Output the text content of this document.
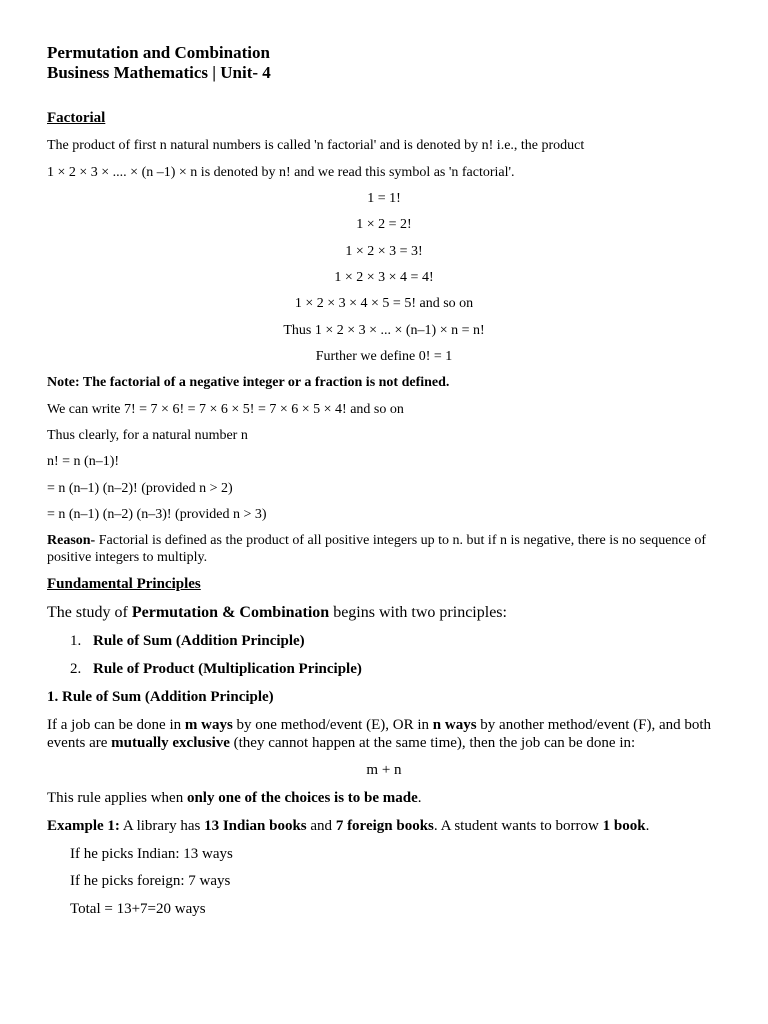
Permutation and Combination
Business Mathematics | Unit- 4
Factorial
The product of first n natural numbers is called 'n factorial' and is denoted by n! i.e., the product
1 × 2 × 3 × .... × (n –1) × n is denoted by n! and we read this symbol as 'n factorial'.
1 = 1!
1 × 2 = 2!
1 × 2 × 3 = 3!
1 × 2 × 3 × 4 = 4!
1 × 2 × 3 × 4 × 5 = 5! and so on
Thus 1 × 2 × 3 × ... × (n–1) × n = n!
Further we define 0! = 1
Note: The factorial of a negative integer or a fraction is not defined.
We can write 7! = 7 × 6! = 7 × 6 × 5! = 7 × 6 × 5 × 4! and so on
Thus clearly, for a natural number n
n! = n (n–1)!
= n (n–1) (n–2)! (provided n > 2)
= n (n–1) (n–2) (n–3)! (provided n > 3)
Reason- Factorial is defined as the product of all positive integers up to n. but if n is negative, there is no sequence of positive integers to multiply.
Fundamental Principles
The study of Permutation & Combination begins with two principles:
1. Rule of Sum (Addition Principle)
2. Rule of Product (Multiplication Principle)
1. Rule of Sum (Addition Principle)
If a job can be done in m ways by one method/event (E), OR in n ways by another method/event (F), and both events are mutually exclusive (they cannot happen at the same time), then the job can be done in:
m + n
This rule applies when only one of the choices is to be made.
Example 1: A library has 13 Indian books and 7 foreign books. A student wants to borrow 1 book.
If he picks Indian: 13 ways
If he picks foreign: 7 ways
Total = 13+7=20 ways
